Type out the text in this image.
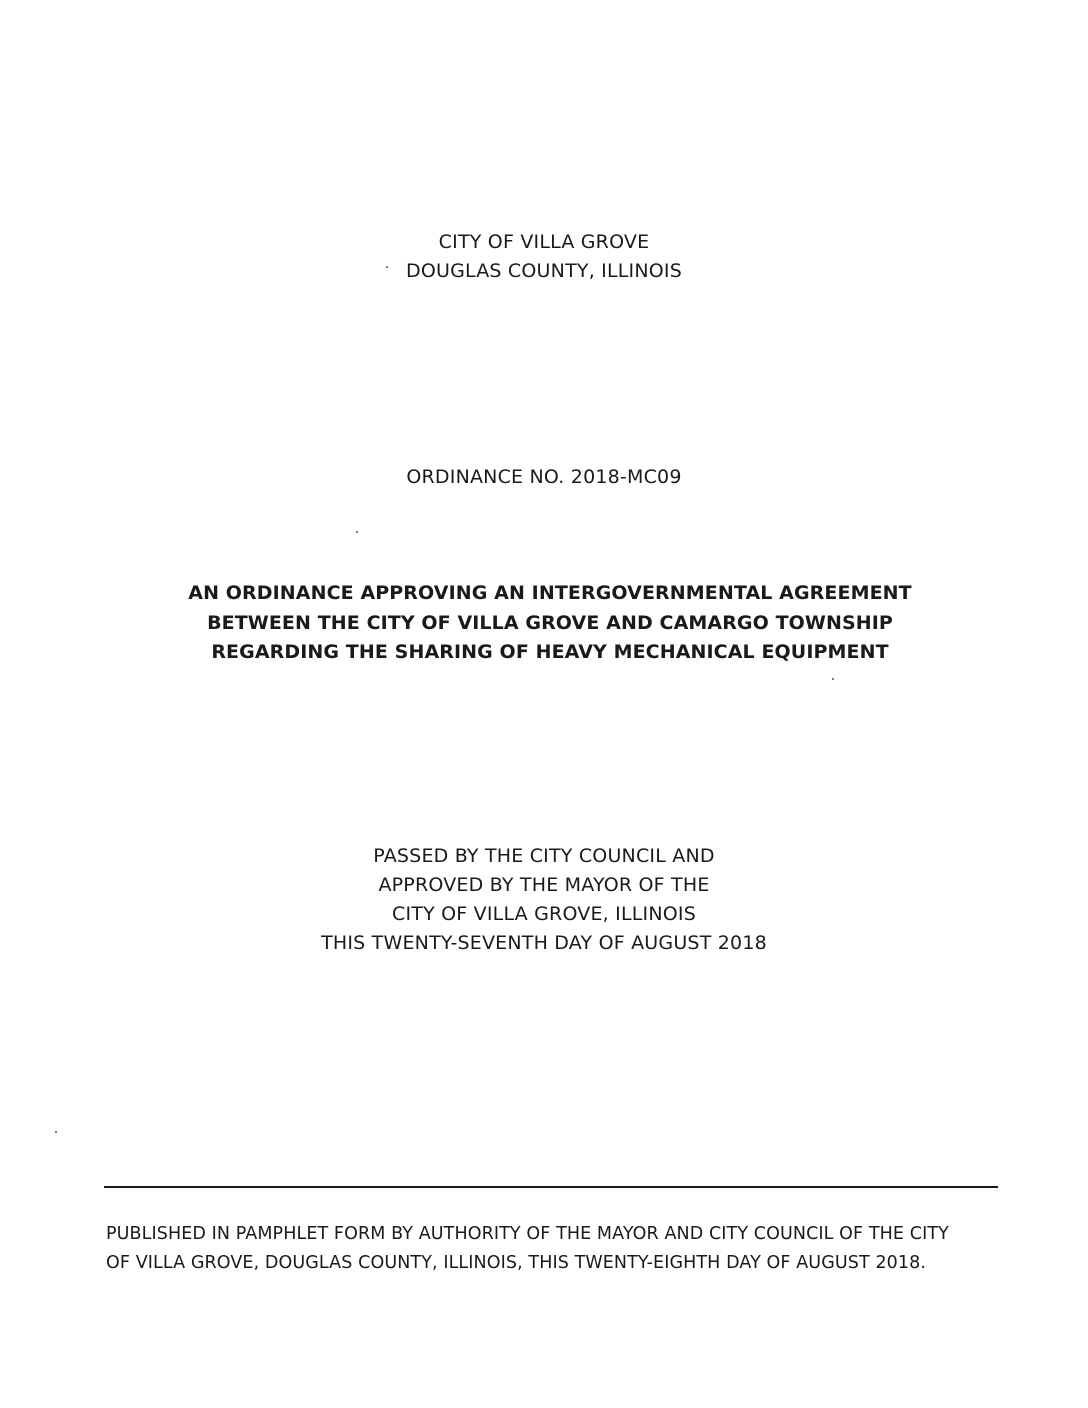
CITY OF VILLA GROVE
DOUGLAS COUNTY, ILLINOIS
ORDINANCE NO. 2018-MC09
AN ORDINANCE APPROVING AN INTERGOVERNMENTAL AGREEMENT
BETWEEN THE CITY OF VILLA GROVE AND CAMARGO TOWNSHIP
REGARDING THE SHARING OF HEAVY MECHANICAL EQUIPMENT
PASSED BY THE CITY COUNCIL AND
APPROVED BY THE MAYOR OF THE
CITY OF VILLA GROVE, ILLINOIS
THIS TWENTY-SEVENTH DAY OF AUGUST 2018
PUBLISHED IN PAMPHLET FORM BY AUTHORITY OF THE MAYOR AND CITY COUNCIL OF THE CITY
OF VILLA GROVE, DOUGLAS COUNTY, ILLINOIS, THIS TWENTY-EIGHTH DAY OF AUGUST 2018.
